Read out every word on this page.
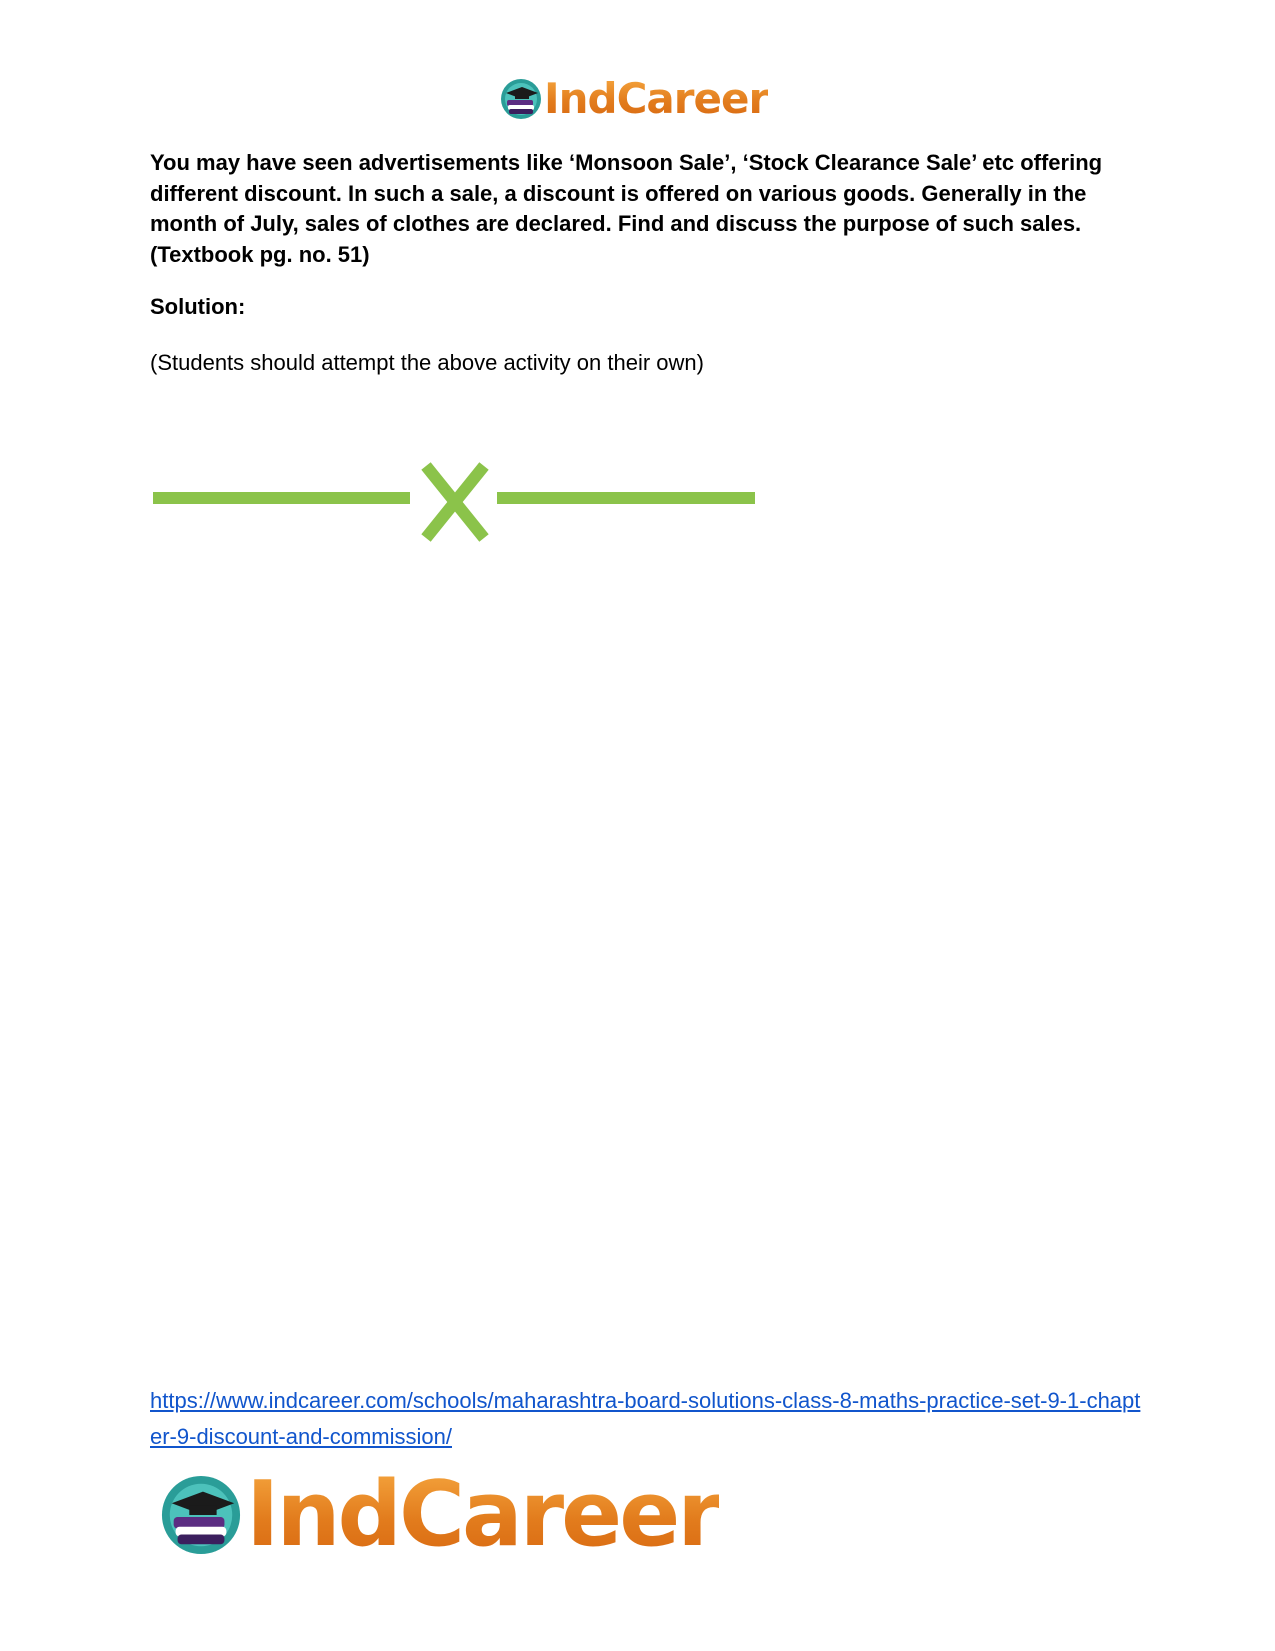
IndCareer

You may have seen advertisements like ‘Monsoon Sale’, ‘Stock Clearance Sale’ etc offering different discount. In such a sale, a discount is offered on various goods. Generally in the month of July, sales of clothes are declared. Find and discuss the purpose of such sales. (Textbook pg. no. 51)

Solution:

(Students should attempt the above activity on their own)

https://www.indcareer.com/schools/maharashtra-board-solutions-class-8-maths-practice-set-9-1-chapter-9-discount-and-commission/
IndCareer
